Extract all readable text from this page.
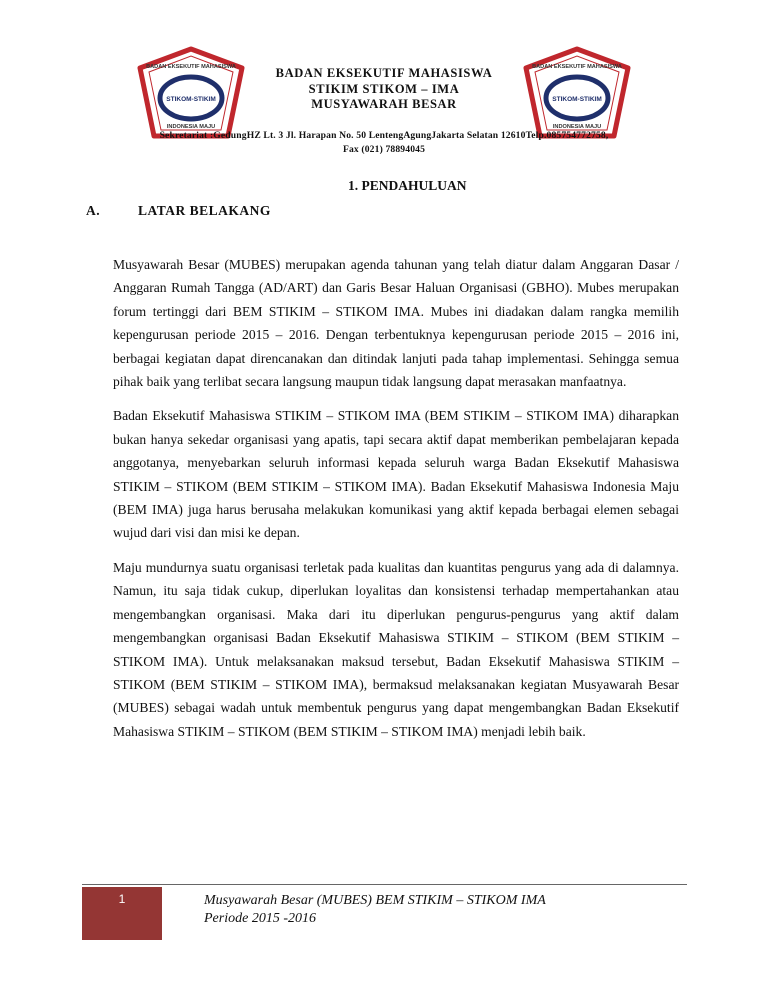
BADAN EKSEKUTIF MAHASISWA
STIKOM-STIKIM
INDONESIA MAJU
BADAN EKSEKUTIF MAHASISWA
STIKOM-STIKIM
INDONESIA MAJU
BADAN EKSEKUTIF MAHASISWA
STIKIM STIKOM – IMA
MUSYAWARAH BESAR
Sekretariat :GedungHZ Lt. 3 Jl. Harapan No. 50 LentengAgungJakarta Selatan 12610Telp.085754772758,
Fax (021) 78894045
1. PENDAHULUAN
A.	LATAR BELAKANG

Musyawarah Besar (MUBES) merupakan agenda tahunan yang telah diatur dalam Anggaran Dasar / Anggaran Rumah Tangga (AD/ART) dan Garis Besar Haluan Organisasi (GBHO). Mubes merupakan forum tertinggi dari BEM STIKIM – STIKOM IMA. Mubes ini diadakan dalam rangka memilih kepengurusan periode 2015 – 2016. Dengan terbentuknya kepengurusan periode 2015 – 2016 ini, berbagai kegiatan dapat direncanakan dan ditindak lanjuti pada tahap implementasi. Sehingga semua pihak baik yang terlibat secara langsung maupun tidak langsung dapat merasakan manfaatnya.

Badan Eksekutif Mahasiswa STIKIM – STIKOM IMA (BEM STIKIM – STIKOM IMA) diharapkan bukan hanya sekedar organisasi yang apatis, tapi secara aktif dapat memberikan pembelajaran kepada anggotanya, menyebarkan seluruh informasi kepada seluruh warga Badan Eksekutif Mahasiswa STIKIM – STIKOM (BEM STIKIM – STIKOM IMA). Badan Eksekutif Mahasiswa Indonesia Maju (BEM IMA) juga harus berusaha melakukan komunikasi yang aktif kepada berbagai elemen sebagai wujud dari visi dan misi ke depan.

Maju mundurnya suatu organisasi terletak pada kualitas dan kuantitas pengurus yang ada di dalamnya. Namun, itu saja tidak cukup, diperlukan loyalitas dan konsistensi terhadap mempertahankan atau mengembangkan organisasi. Maka dari itu diperlukan pengurus-pengurus yang aktif dalam mengembangkan organisasi Badan Eksekutif Mahasiswa STIKIM – STIKOM (BEM STIKIM – STIKOM IMA). Untuk melaksanakan maksud tersebut, Badan Eksekutif Mahasiswa STIKIM – STIKOM (BEM STIKIM – STIKOM IMA), bermaksud melaksanakan kegiatan Musyawarah Besar (MUBES) sebagai wadah untuk membentuk pengurus yang dapat mengembangkan Badan Eksekutif Mahasiswa STIKIM – STIKOM (BEM STIKIM – STIKOM IMA) menjadi lebih baik.

1	Musyawarah Besar (MUBES) BEM STIKIM – STIKOM IMA
Periode 2015 -2016
